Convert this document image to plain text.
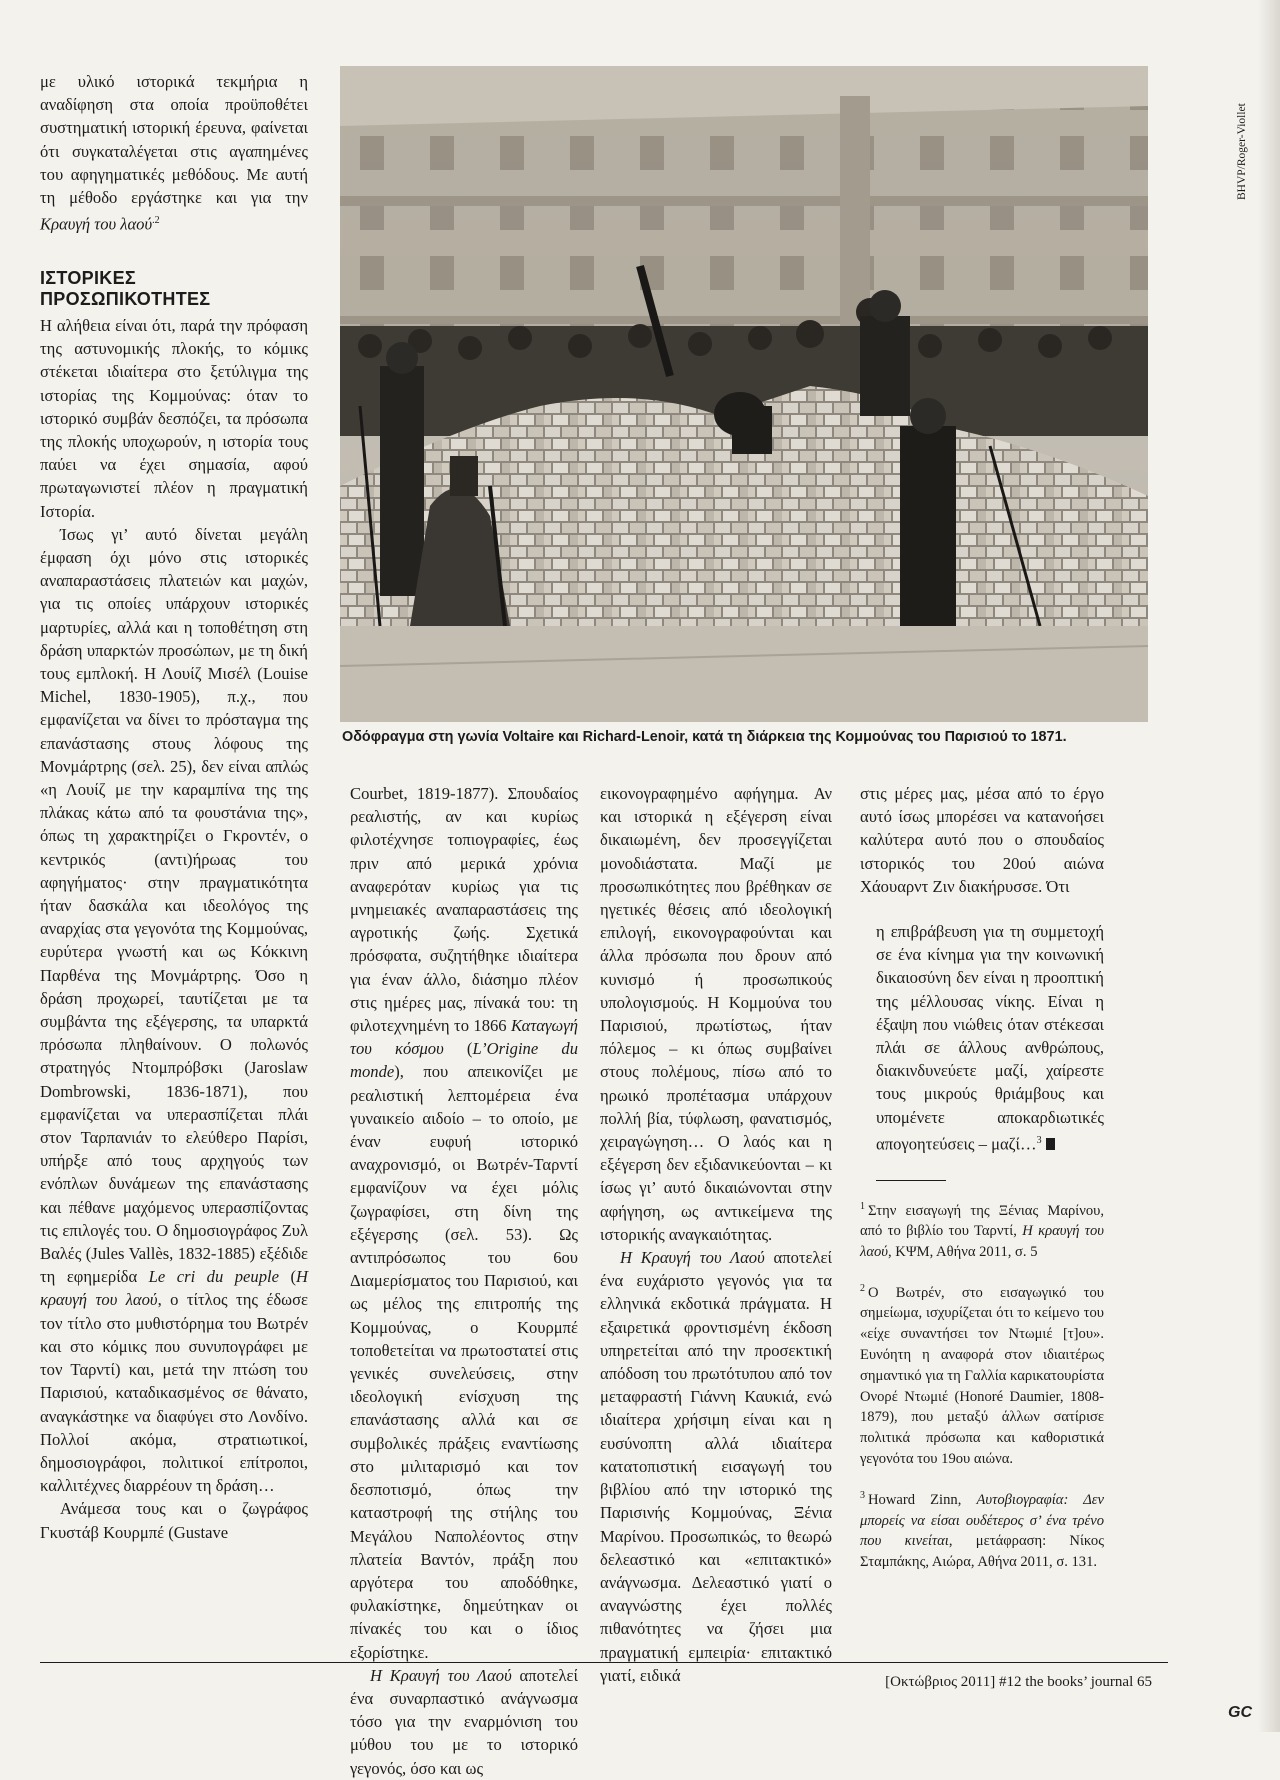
με υλικό ιστορικά τεκμήρια η αναδίφηση στα οποία προϋποθέτει συστηματική ιστορική έρευνα, φαίνεται ότι συγκαταλέγεται στις αγαπημένες του αφηγηματικές μεθόδους. Με αυτή τη μέθοδο εργάστηκε και για την Κραυγή του λαού$^{.2}$

ΙΣΤΟΡΙΚΕΣ ΠΡΟΣΩΠΙΚΟΤΗΤΕΣ

Η αλήθεια είναι ότι, παρά την πρόφαση της αστυνομικής πλοκής, το κόμικς στέκεται ιδιαίτερα στο ξετύλιγμα της ιστορίας της Κομμούνας: όταν το ιστορικό συμβάν δεσπόζει, τα πρόσωπα της πλοκής υποχωρούν, η ιστορία τους παύει να έχει σημασία, αφού πρωταγωνιστεί πλέον η πραγματική Ιστορία.

Ίσως γι’ αυτό δίνεται μεγάλη έμφαση όχι μόνο στις ιστορικές αναπαραστάσεις πλατειών και μαχών, για τις οποίες υπάρχουν ιστορικές μαρτυρίες, αλλά και η τοποθέτηση στη δράση υπαρκτών προσώπων, με τη δική τους εμπλοκή. Η Λουίζ Μισέλ (Louise Michel, 1830-1905), π.χ., που εμφανίζεται να δίνει το πρόσταγμα της επανάστασης στους λόφους της Μονμάρτρης (σελ. 25), δεν είναι απλώς «η Λουίζ με την καραμπίνα της της πλάκας κάτω από τα φουστάνια της», όπως τη χαρακτηρίζει ο Γκροντέν, ο κεντρικός (αντι)ήρωας του αφηγήματος· στην πραγματικότητα ήταν δασκάλα και ιδεολόγος της αναρχίας στα γεγονότα της Κομμούνας, ευρύτερα γνωστή και ως Κόκκινη Παρθένα της Μονμάρτρης. Όσο η δράση προχωρεί, ταυτίζεται με τα συμβάντα της εξέγερσης, τα υπαρκτά πρόσωπα πληθαίνουν. Ο πολωνός στρατηγός Ντομπρόβσκι (Jaroslaw Dombrowski, 1836-1871), που εμφανίζεται να υπερασπίζεται πλάι στον Ταρπανιάν το ελεύθερο Παρίσι, υπήρξε από τους αρχηγούς των ενόπλων δυνάμεων της επανάστασης και πέθανε μαχόμενος υπερασπίζοντας τις επιλογές του. Ο δημοσιογράφος Ζυλ Βαλές (Jules Vallès, 1832-1885) εξέδιδε τη εφημερίδα Le cri du peuple (Η κραυγή του λαού, ο τίτλος της έδωσε τον τίτλο στο μυθιστόρημα του Βωτρέν και στο κόμικς που συνυπογράφει με τον Ταρντί) και, μετά την πτώση του Παρισιού, καταδικασμένος σε θάνατο, αναγκάστηκε να διαφύγει στο Λονδίνο. Πολλοί ακόμα, στρατιωτικοί, δημοσιογράφοι, πολιτικοί επίτροποι, καλλιτέχνες διαρρέουν τη δράση…

Ανάμεσα τους και ο ζωγράφος Γκυστάβ Κουρμπέ (Gustave

BHVP/Roger-Viollet
Οδόφραγμα στη γωνία Voltaire και Richard-Lenoir, κατά τη διάρκεια της Κομμούνας του Παρισιού το 1871.

Courbet, 1819-1877). Σπουδαίος ρεαλιστής, αν και κυρίως φιλοτέχνησε τοπιογραφίες, έως πριν από μερικά χρόνια αναφερόταν κυρίως για τις μνημειακές αναπαραστάσεις της αγροτικής ζωής. Σχετικά πρόσφατα, συζητήθηκε ιδιαίτερα για έναν άλλο, διάσημο πλέον στις ημέρες μας, πίνακά του: τη φιλοτεχνημένη το 1866 Καταγωγή του κόσμου (L’Origine du monde), που απεικονίζει με ρεαλιστική λεπτομέρεια ένα γυναικείο αιδοίο – το οποίο, με έναν ευφυή ιστορικό αναχρονισμό, οι Βωτρέν-Ταρντί εμφανίζουν να έχει μόλις ζωγραφίσει, στη δίνη της εξέγερσης (σελ. 53). Ως αντιπρόσωπος του 6ου Διαμερίσματος του Παρισιού, και ως μέλος της επιτροπής της Κομμούνας, ο Κουρμπέ τοποθετείται να πρωτοστατεί στις γενικές συνελεύσεις, στην ιδεολογική ενίσχυση της επανάστασης αλλά και σε συμβολικές πράξεις εναντίωσης στο μιλιταρισμό και τον δεσποτισμό, όπως την καταστροφή της στήλης του Μεγάλου Ναπολέοντος στην πλατεία Βαντόν, πράξη που αργότερα του αποδόθηκε, φυλακίστηκε, δημεύτηκαν οι πίνακές του και ο ίδιος εξορίστηκε.

Η Κραυγή του Λαού αποτελεί ένα συναρπαστικό ανάγνωσμα τόσο για την εναρμόνιση του μύθου του με το ιστορικό γεγονός, όσο και ως

εικονογραφημένο αφήγημα. Αν και ιστορικά η εξέγερση είναι δικαιωμένη, δεν προσεγγίζεται μονοδιάστατα. Μαζί με προσωπικότητες που βρέθηκαν σε ηγετικές θέσεις από ιδεολογική επιλογή, εικονογραφούνται και άλλα πρόσωπα που δρουν από κυνισμό ή προσωπικούς υπολογισμούς. Η Κομμούνα του Παρισιού, πρωτίστως, ήταν πόλεμος – κι όπως συμβαίνει στους πολέμους, πίσω από το ηρωικό προπέτασμα υπάρχουν πολλή βία, τύφλωση, φανατισμός, χειραγώγηση… Ο λαός και η εξέγερση δεν εξιδανικεύονται – κι ίσως γι’ αυτό δικαιώνονται στην αφήγηση, ως αντικείμενα της ιστορικής αναγκαιότητας.

Η Κραυγή του Λαού αποτελεί ένα ευχάριστο γεγονός για τα ελληνικά εκδοτικά πράγματα. Η εξαιρετικά φροντισμένη έκδοση υπηρετείται από την προσεκτική απόδοση του πρωτότυπου από τον μεταφραστή Γιάννη Καυκιά, ενώ ιδιαίτερα χρήσιμη είναι και η ευσύνοπτη αλλά ιδιαίτερα κατατοπιστική εισαγωγή του βιβλίου από την ιστορικό της Παρισινής Κομμούνας, Ξένια Μαρίνου. Προσωπικώς, το θεωρώ δελεαστικό και «επιτακτικό» ανάγνωσμα. Δελεαστικό γιατί ο αναγνώστης έχει πολλές πιθανότητες να ζήσει μια πραγματική εμπειρία· επιτακτικό γιατί, ειδικά

στις μέρες μας, μέσα από το έργο αυτό ίσως μπορέσει να κατανοήσει καλύτερα αυτό που ο σπουδαίος ιστορικός του 20ού αιώνα Χάουαρντ Ζιν διακήρυσσε. Ότι

η επιβράβευση για τη συμμετοχή σε ένα κίνημα για την κοινωνική δικαιοσύνη δεν είναι η προοπτική της μέλλουσας νίκης. Είναι η έξαψη που νιώθεις όταν στέκεσαι πλάι σε άλλους ανθρώπους, διακινδυνεύετε μαζί, χαίρεστε τους μικρούς θριάμβους και υπομένετε αποκαρδιωτικές απογοητεύσεις – μαζί…$^3$

$^1$ Στην εισαγωγή της Ξένιας Μαρίνου, από το βιβλίο του Ταρντί, Η κραυγή του λαού, ΚΨΜ, Αθήνα 2011, σ. 5
$^2$ Ο Βωτρέν, στο εισαγωγικό του σημείωμα, ισχυρίζεται ότι το κείμενο του «είχε συναντήσει τον Ντωμιέ [τ]ου». Ευνόητη η αναφορά στον ιδιαιτέρως σημαντικό για τη Γαλλία καρικατουρίστα Ονορέ Ντωμιέ (Honoré Daumier, 1808-1879), που μεταξύ άλλων σατίρισε πολιτικά πρόσωπα και καθοριστικά γεγονότα του 19ου αιώνα.
$^3$ Howard Zinn, Αυτοβιογραφία: Δεν μπορείς να είσαι ουδέτερος σ’ ένα τρένο που κινείται, μετάφραση: Νίκος Σταμπάκης, Αιώρα, Αθήνα 2011, σ. 131.
[Οκτώβριος 2011] #12 the books’ journal 65
GC
